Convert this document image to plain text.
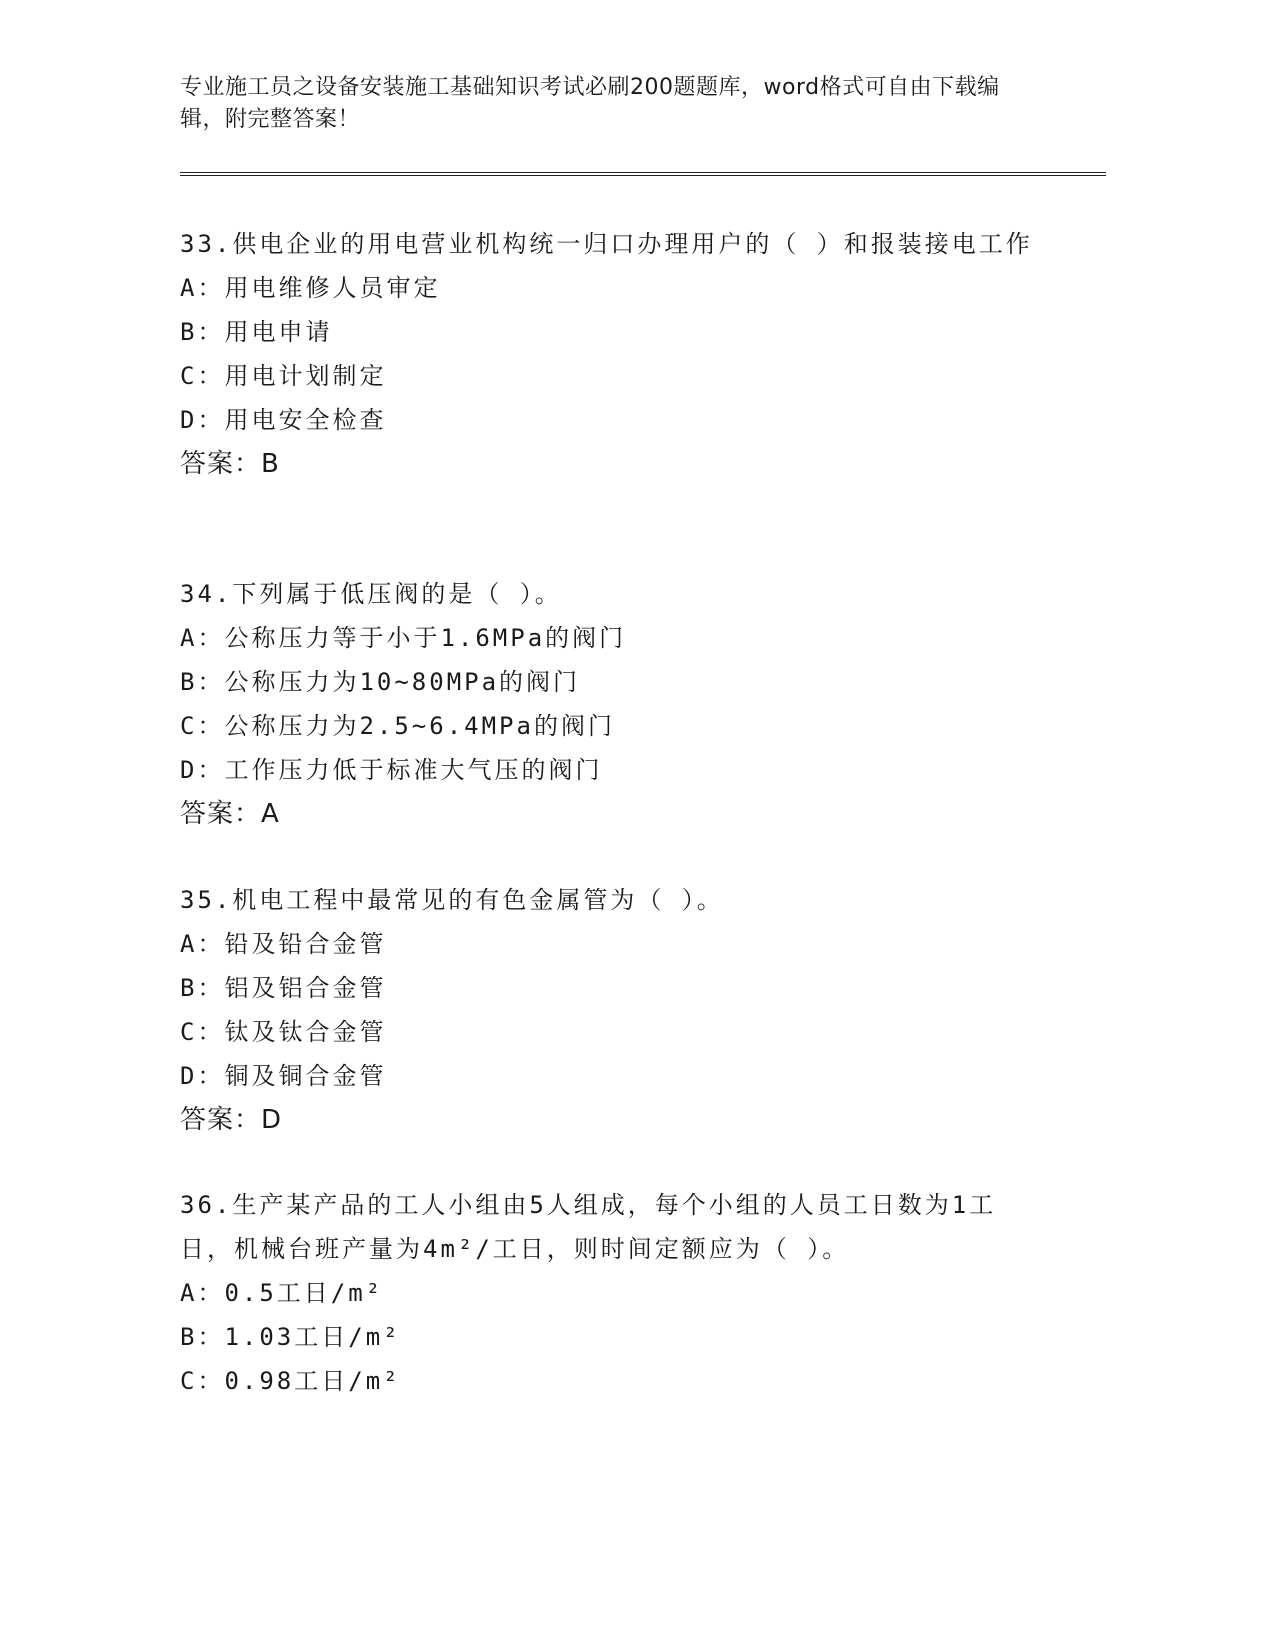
专业施工员之设备安装施工基础知识考试必刷200题题库，word格式可自由下载编辑，附完整答案！

33.供电企业的用电营业机构统一归口办理用户的（ ）和报装接电工作

A：用电维修人员审定

B：用电申请

C：用电计划制定

D：用电安全检查

答案：B

34.下列属于低压阀的是（ ）。

A：公称压力等于小于1.6MPa的阀门

B：公称压力为10~80MPa的阀门

C：公称压力为2.5~6.4MPa的阀门

D：工作压力低于标准大气压的阀门

答案：A

35.机电工程中最常见的有色金属管为（ ）。

A：铅及铅合金管

B：铝及铝合金管

C：钛及钛合金管

D：铜及铜合金管

答案：D

36.生产某产品的工人小组由5人组成，每个小组的人员工日数为1工日，机械台班产量为4m²/工日，则时间定额应为（ ）。

A：0.5工日/m²

B：1.03工日/m²

C：0.98工日/m²
